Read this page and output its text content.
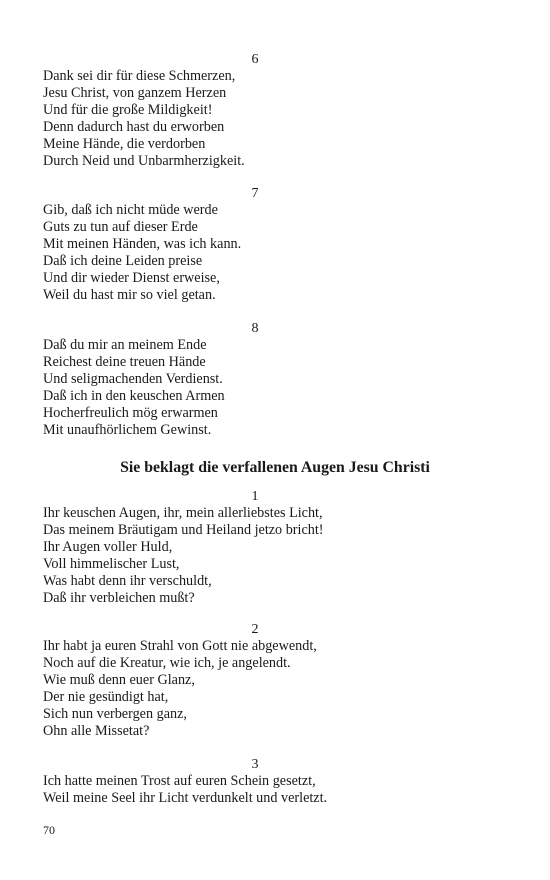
6
Dank sei dir für diese Schmerzen,
Jesu Christ, von ganzem Herzen
Und für die große Mildigkeit!
Denn dadurch hast du erworben
Meine Hände, die verdorben
Durch Neid und Unbarmherzigkeit.
7
Gib, daß ich nicht müde werde
Guts zu tun auf dieser Erde
Mit meinen Händen, was ich kann.
Daß ich deine Leiden preise
Und dir wieder Dienst erweise,
Weil du hast mir so viel getan.
8
Daß du mir an meinem Ende
Reichest deine treuen Hände
Und seligmachenden Verdienst.
Daß ich in den keuschen Armen
Hocherfreulich mög erwarmen
Mit unaufhörlichem Gewinst.
Sie beklagt die verfallenen Augen Jesu Christi
1
Ihr keuschen Augen, ihr, mein allerliebstes Licht,
Das meinem Bräutigam und Heiland jetzo bricht!
Ihr Augen voller Huld,
Voll himmelischer Lust,
Was habt denn ihr verschuldt,
Daß ihr verbleichen mußt?
2
Ihr habt ja euren Strahl von Gott nie abgewendt,
Noch auf die Kreatur, wie ich, je angelendt.
Wie muß denn euer Glanz,
Der nie gesündigt hat,
Sich nun verbergen ganz,
Ohn alle Missetat?
3
Ich hatte meinen Trost auf euren Schein gesetzt,
Weil meine Seel ihr Licht verdunkelt und verletzt.
70
